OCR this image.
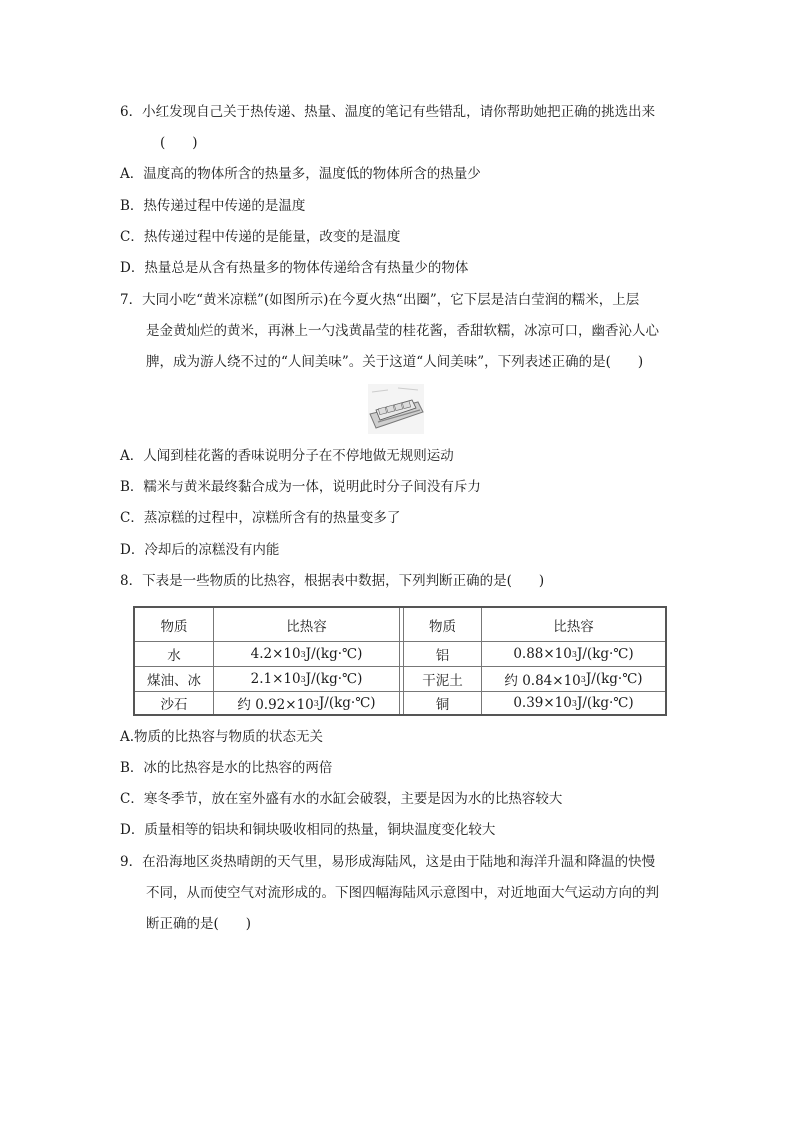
6．小红发现自己关于热传递、热量、温度的笔记有些错乱，请你帮助她把正确的挑选出来
(　　)
A．温度高的物体所含的热量多，温度低的物体所含的热量少
B．热传递过程中传递的是温度
C．热传递过程中传递的是能量，改变的是温度
D．热量总是从含有热量多的物体传递给含有热量少的物体
7．大同小吃“黄米凉糕”(如图所示)在今夏火热“出圈”，它下层是洁白莹润的糯米，上层
是金黄灿烂的黄米，再淋上一勺浅黄晶莹的桂花酱，香甜软糯，冰凉可口，幽香沁人心
脾，成为游人绕不过的“人间美味”。关于这道“人间美味”，下列表述正确的是(　　)
A．人闻到桂花酱的香味说明分子在不停地做无规则运动
B．糯米与黄米最终黏合成为一体，说明此时分子间没有斥力
C．蒸凉糕的过程中，凉糕所含有的热量变多了
D．冷却后的凉糕没有内能
8．下表是一些物质的比热容，根据表中数据，下列判断正确的是(　　)
物质	比热容	物质	比热容
水	4.2×10 3 J/(kg·℃)	铝	0.88×10 3 J/(kg·℃)
煤油、冰	2.1×10 3 J/(kg·℃)	干泥土	约 0.84×10 3 J/(kg·℃)
沙石	约 0.92×10 3 J/(kg·℃)	铜	0.39×10 3 J/(kg·℃)
A.物质的比热容与物质的状态无关
B．冰的比热容是水的比热容的两倍
C．寒冬季节，放在室外盛有水的水缸会破裂，主要是因为水的比热容较大
D．质量相等的铝块和铜块吸收相同的热量，铜块温度变化较大
9．在沿海地区炎热晴朗的天气里，易形成海陆风，这是由于陆地和海洋升温和降温的快慢
不同，从而使空气对流形成的。下图四幅海陆风示意图中，对近地面大气运动方向的判
断正确的是(　　)
